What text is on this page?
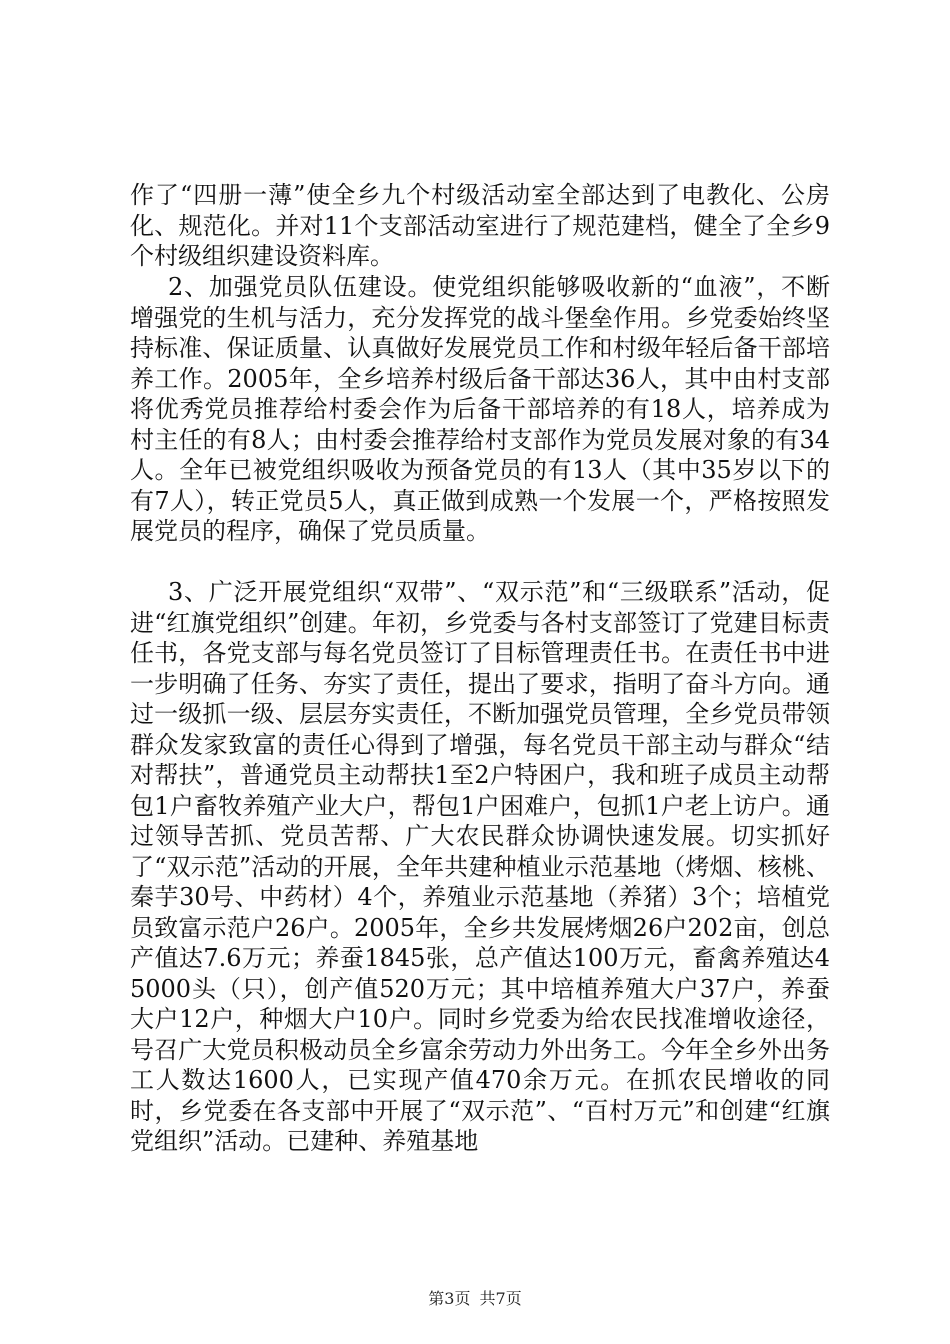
作了“四册一薄”使全乡九个村级活动室全部达到了电教化、公房化、规范化。并对11个支部活动室进行了规范建档，健全了全乡9个村级组织建设资料库。

2、加强党员队伍建设。使党组织能够吸收新的“血液”，不断增强党的生机与活力，充分发挥党的战斗堡垒作用。乡党委始终坚持标准、保证质量、认真做好发展党员工作和村级年轻后备干部培养工作。2005年，全乡培养村级后备干部达36人，其中由村支部将优秀党员推荐给村委会作为后备干部培养的有18人，培养成为村主任的有8人；由村委会推荐给村支部作为党员发展对象的有34人。全年已被党组织吸收为预备党员的有13人（其中35岁以下的有7人），转正党员5人，真正做到成熟一个发展一个，严格按照发展党员的程序，确保了党员质量。

3、广泛开展党组织“双带”、“双示范”和“三级联系”活动，促进“红旗党组织”创建。年初，乡党委与各村支部签订了党建目标责任书，各党支部与每名党员签订了目标管理责任书。在责任书中进一步明确了任务、夯实了责任，提出了要求，指明了奋斗方向。通过一级抓一级、层层夯实责任，不断加强党员管理，全乡党员带领群众发家致富的责任心得到了增强，每名党员干部主动与群众“结对帮扶”，普通党员主动帮扶1至2户特困户，我和班子成员主动帮包1户畜牧养殖产业大户，帮包1户困难户，包抓1户老上访户。通过领导苦抓、党员苦帮、广大农民群众协调快速发展。切实抓好了“双示范”活动的开展，全年共建种植业示范基地（烤烟、核桃、秦芋30号、中药材）4个，养殖业示范基地（养猪）3个；培植党员致富示范户26户。2005年，全乡共发展烤烟26户202亩，创总产值达7.6万元；养蚕1845张，总产值达100万元，畜禽养殖达45000头（只），创产值520万元；其中培植养殖大户37户，养蚕大户12户，种烟大户10户。同时乡党委为给农民找准增收途径，号召广大党员积极动员全乡富余劳动力外出务工。今年全乡外出务工人数达1600人，已实现产值470余万元。在抓农民增收的同时，乡党委在各支部中开展了“双示范”、“百村万元”和创建“红旗党组织”活动。已建种、养殖基地

第3页 共7页
